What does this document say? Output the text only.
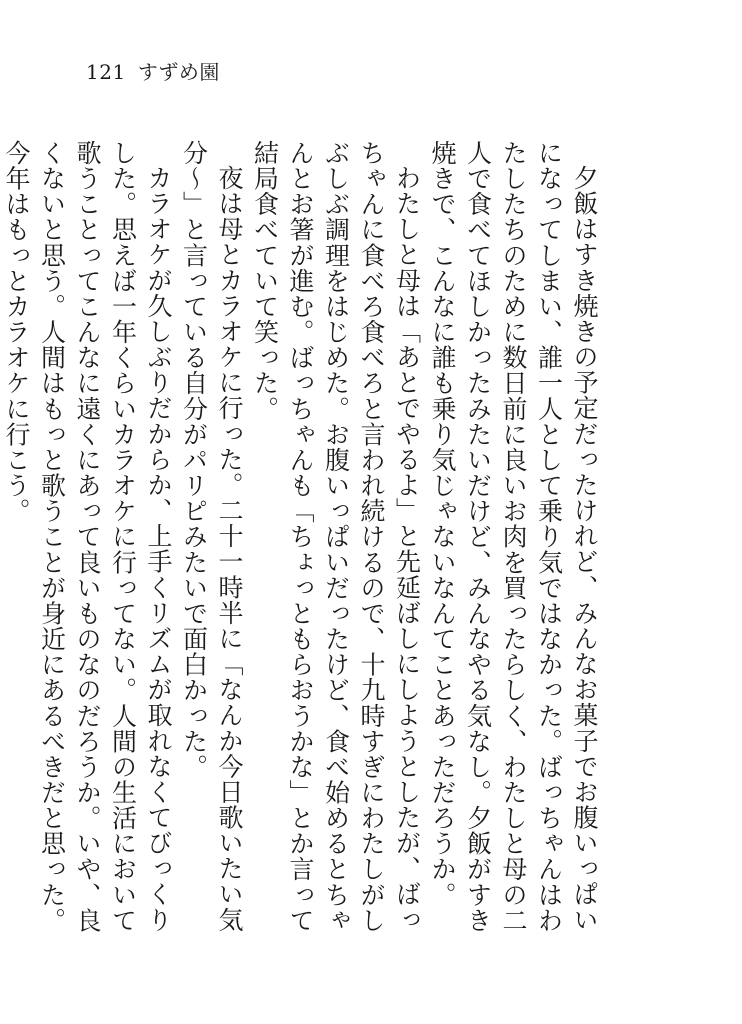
121 すずめ園

夕飯はすき焼きの予定だったけれど、みんなお菓子でお腹いっぱいになってしまい、誰一人として乗り気ではなかった。ばっちゃんはわたしたちのために数日前に良いお肉を買ったらしく、わたしと母の二人で食べてほしかったみたいだけど、みんなやる気なし。夕飯がすき焼きで、こんなに誰も乗り気じゃないなんてことあっただろうか。

わたしと母は「あとでやるよ」と先延ばしにしようとしたが、ばっちゃんに食べろ食べろと言われ続けるので、十九時すぎにわたしがしぶしぶ調理をはじめた。お腹いっぱいだったけど、食べ始めるとちゃんとお箸が進む。ばっちゃんも「ちょっともらおうかな」とか言って結局食べていて笑った。

夜は母とカラオケに行った。二十一時半に「なんか今日歌いたい気分～」と言っている自分がパリピみたいで面白かった。

カラオケが久しぶりだからか、上手くリズムが取れなくてびっくりした。思えば一年くらいカラオケに行ってない。人間の生活において歌うことってこんなに遠くにあって良いものなのだろうか。いや、良くないと思う。人間はもっと歌うことが身近にあるべきだと思った。今年はもっとカラオケに行こう。
